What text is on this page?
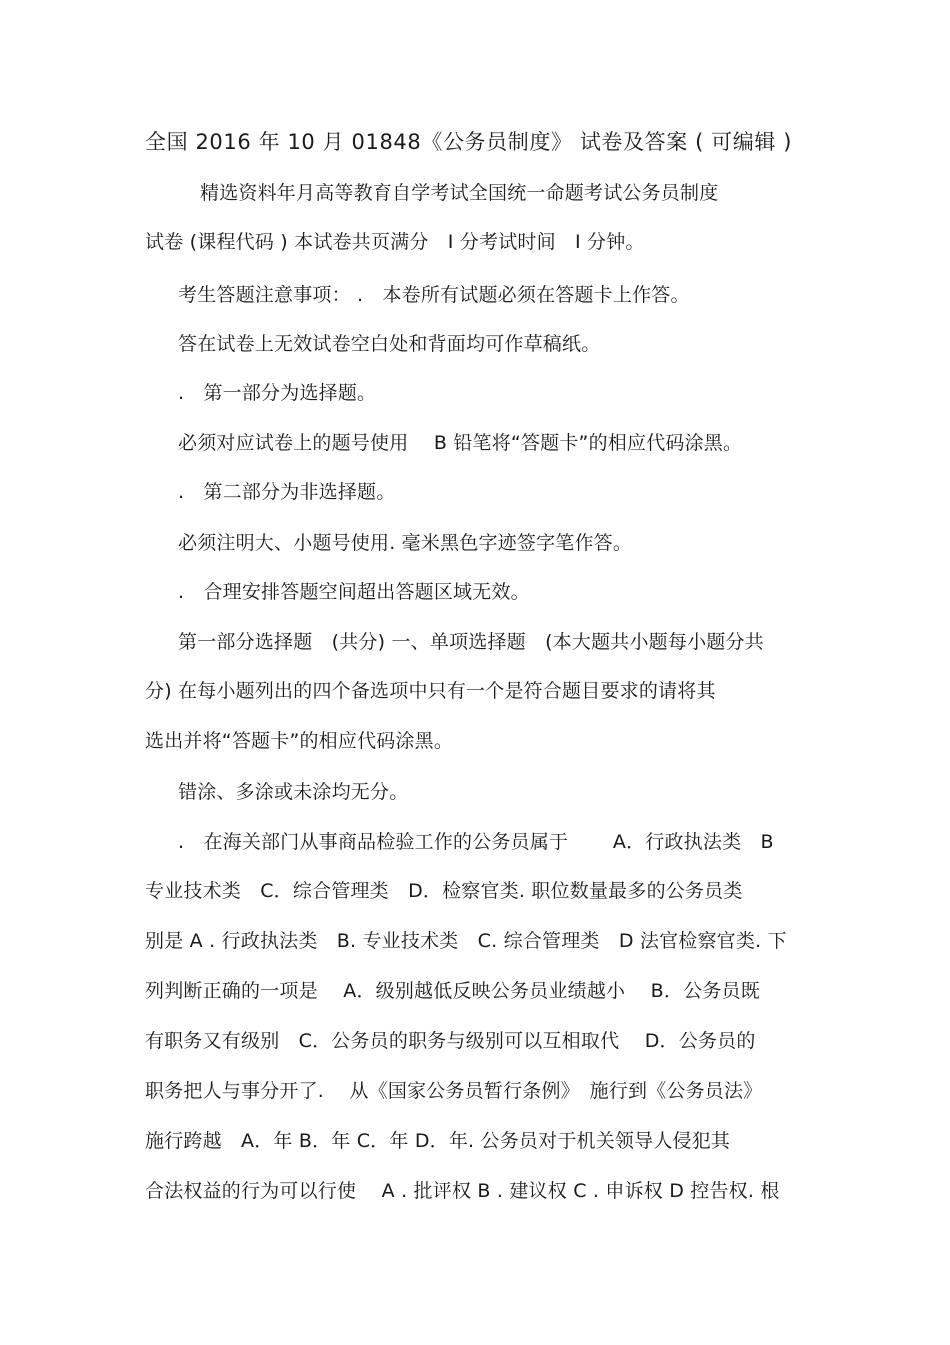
全国 2016 年 10 月 01848《公务员制度》 试卷及答案 ( 可编辑 )
精选资料年月高等教育自学考试全国统一命题考试公务员制度
试卷 (课程代码 ) 本试卷共页满分　I 分考试时间　I 分钟。
考生答题注意事项： .　本卷所有试题必须在答题卡上作答。
答在试卷上无效试卷空白处和背面均可作草稿纸。
.　第一部分为选择题。
必须对应试卷上的题号使用　 B 铅笔将“答题卡”的相应代码涂黑。
.　第二部分为非选择题。
必须注明大、小题号使用. 毫米黑色字迹签字笔作答。
.　合理安排答题空间超出答题区域无效。
第一部分选择题　(共分) 一、单项选择题　(本大题共小题每小题分共
分) 在每小题列出的四个备选项中只有一个是符合题目要求的请将其
选出并将“答题卡”的相应代码涂黑。
错涂、多涂或未涂均无分。
.　在海关部门从事商品检验工作的公务员属于　　 A．行政执法类　B
专业技术类　C．综合管理类　D．检察官类. 职位数量最多的公务员类
别是 A . 行政执法类　B. 专业技术类　C. 综合管理类　D 法官检察官类. 下
列判断正确的一项是　 A．级别越低反映公务员业绩越小　 B．公务员既
有职务又有级别　C．公务员的职务与级别可以互相取代　 D．公务员的
职务把人与事分开了.　 从《国家公务员暂行条例》　施行到《公务员法》
施行跨越　A．年 B．年 C．年 D．年. 公务员对于机关领导人侵犯其
合法权益的行为可以行使　 A . 批评权 B . 建议权 C . 申诉权 D 控告权. 根
